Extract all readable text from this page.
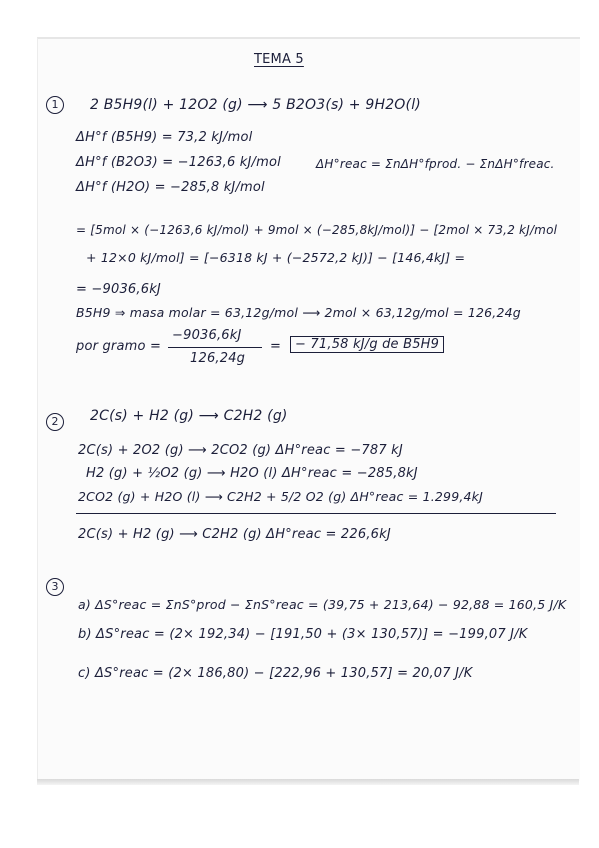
TEMA 5
1	2 B5H9(l) + 12O2 (g) ⟶ 5 B2O3(s) + 9H2O(l)
ΔH°f (B5H9) = 73,2 kJ/mol
ΔH°f (B2O3) = −1263,6 kJ/mol	ΔH°reac = ΣnΔH°fprod. − ΣnΔH°freac.
ΔH°f (H2O) = −285,8 kJ/mol
= [5mol × (−1263,6 kJ/mol) + 9mol × (−285,8kJ/mol)] − [2mol × 73,2 kJ/mol
+ 12×0 kJ/mol] = [−6318 kJ + (−2572,2 kJ)] − [146,4kJ] =
= −9036,6kJ
B5H9 ⇒ masa molar = 63,12g/mol ⟶ 2mol × 63,12g/mol = 126,24g
por gramo =
−9036,6kJ
126,24g
=	− 71,58 kJ/g de B5H9
2	2C(s) + H2 (g) ⟶ C2H2 (g)
2C(s) + 2O2 (g) ⟶ 2CO2 (g) ΔH°reac = −787 kJ
H2 (g) + ½O2 (g) ⟶ H2O (l) ΔH°reac = −285,8kJ
2CO2 (g) + H2O (l) ⟶ C2H2 + 5/2 O2 (g) ΔH°reac = 1.299,4kJ
2C(s) + H2 (g) ⟶ C2H2 (g) ΔH°reac = 226,6kJ
3
a) ΔS°reac = ΣnS°prod − ΣnS°reac = (39,75 + 213,64) − 92,88 = 160,5 J/K
b) ΔS°reac = (2× 192,34) − [191,50 + (3× 130,57)] = −199,07 J/K
c) ΔS°reac = (2× 186,80) − [222,96 + 130,57] = 20,07 J/K
